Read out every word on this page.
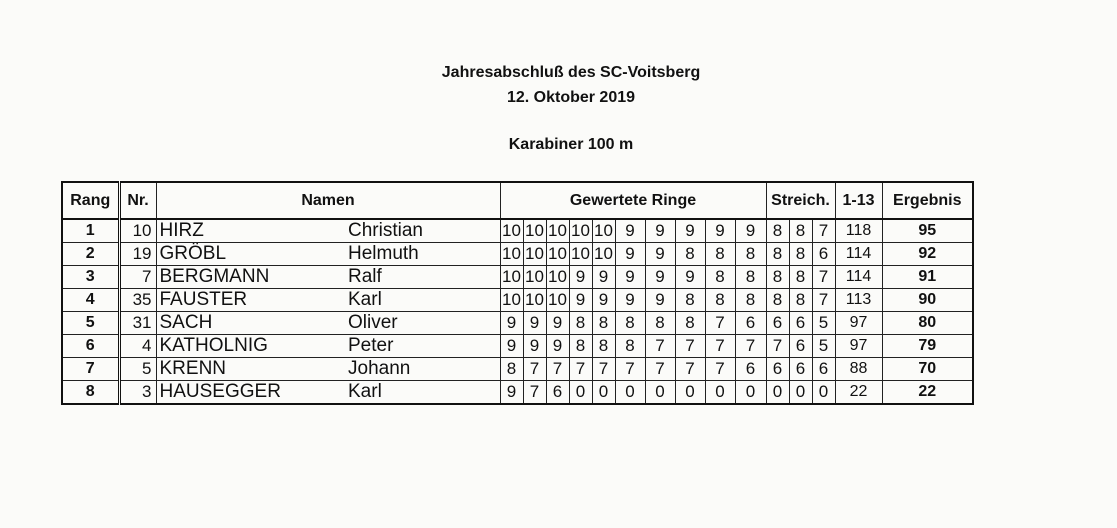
Jahresabschluß des SC-Voitsberg
12. Oktober 2019
Karabiner 100 m
Rang	Nr.	Namen		Gewertete Ringe										Streich.			1-13	Ergebnis
1	10	HIRZ	Christian	10	10	10	10	10	9	9	9	9	9	8	8	7	118	95
2	19	GRÖBL	Helmuth	10	10	10	10	10	9	9	8	8	8	8	8	6	114	92
3	7	BERGMANN	Ralf	10	10	10	9	9	9	9	9	8	8	8	8	7	114	91
4	35	FAUSTER	Karl	10	10	10	9	9	9	9	8	8	8	8	8	7	113	90
5	31	SACH	Oliver	9	9	9	8	8	8	8	8	7	6	6	6	5	97	80
6	4	KATHOLNIG	Peter	9	9	9	8	8	8	7	7	7	7	7	6	5	97	79
7	5	KRENN	Johann	8	7	7	7	7	7	7	7	7	6	6	6	6	88	70
8	3	HAUSEGGER	Karl	9	7	6	0	0	0	0	0	0	0	0	0	0	22	22
